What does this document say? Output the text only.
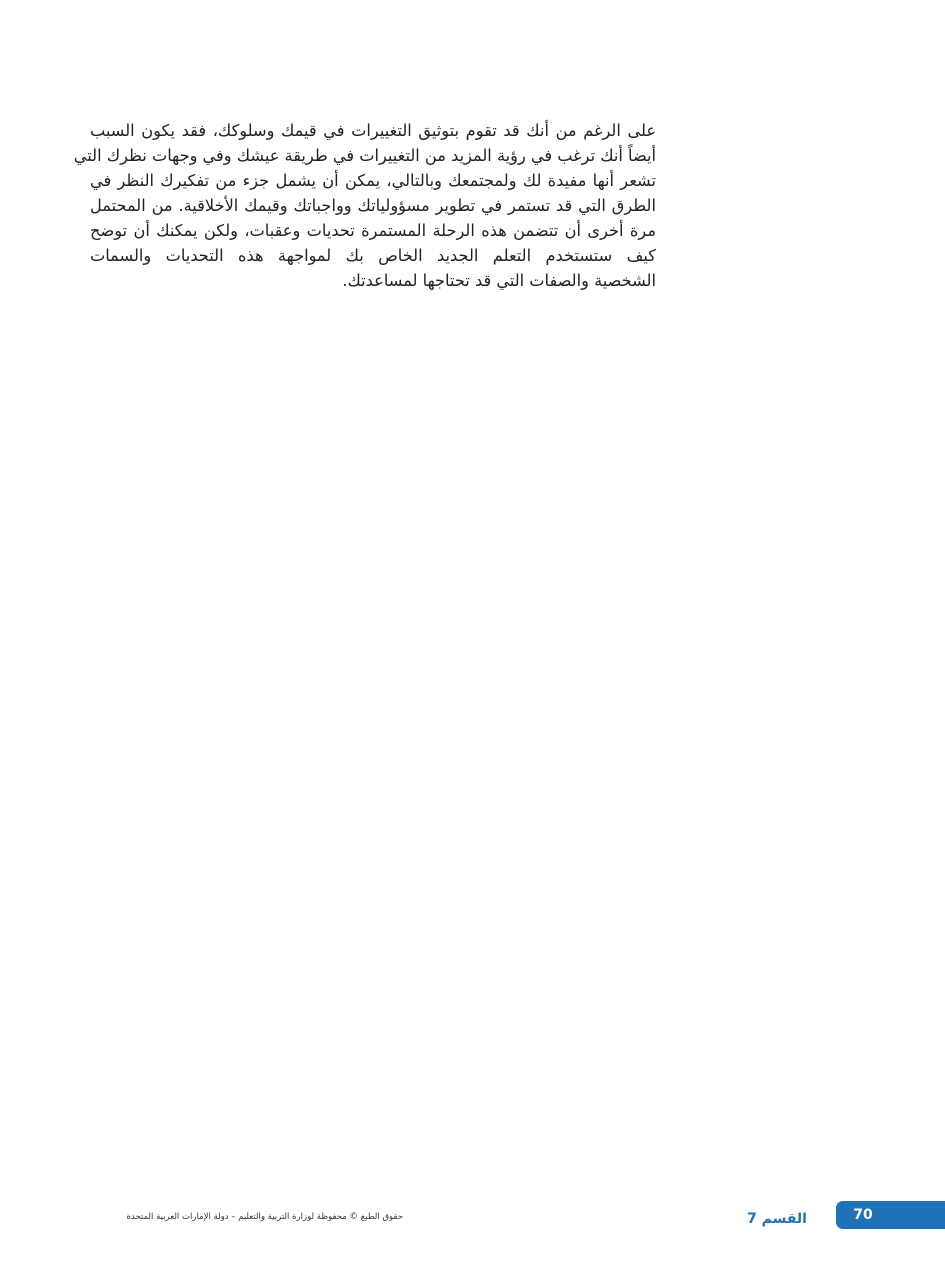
على الرغم من أنك قد تقوم بتوثيق التغييرات في قيمك وسلوكك، فقد يكون السبب
أيضاً أنك ترغب في رؤية المزيد من التغييرات في طريقة عيشك وفي وجهات نظرك التي
تشعر أنها مفيدة لك ولمجتمعك وبالتالي، يمكن أن يشمل جزء من تفكيرك النظر في
الطرق التي قد تستمر في تطوير مسؤولياتك وواجباتك وقيمك الأخلاقية. من المحتمل
مرة أخرى أن تتضمن هذه الرحلة المستمرة تحديات وعقبات، ولكن يمكنك أن توضح
كيف ستستخدم التعلم الجديد الخاص بك لمواجهة هذه التحديات والسمات
الشخصية والصفات التي قد تحتاجها لمساعدتك.
حقوق الطبع © محفوظة لوزارة التربية والتعليم – دولة الإمارات العربية المتحدة	القسم 7	70
